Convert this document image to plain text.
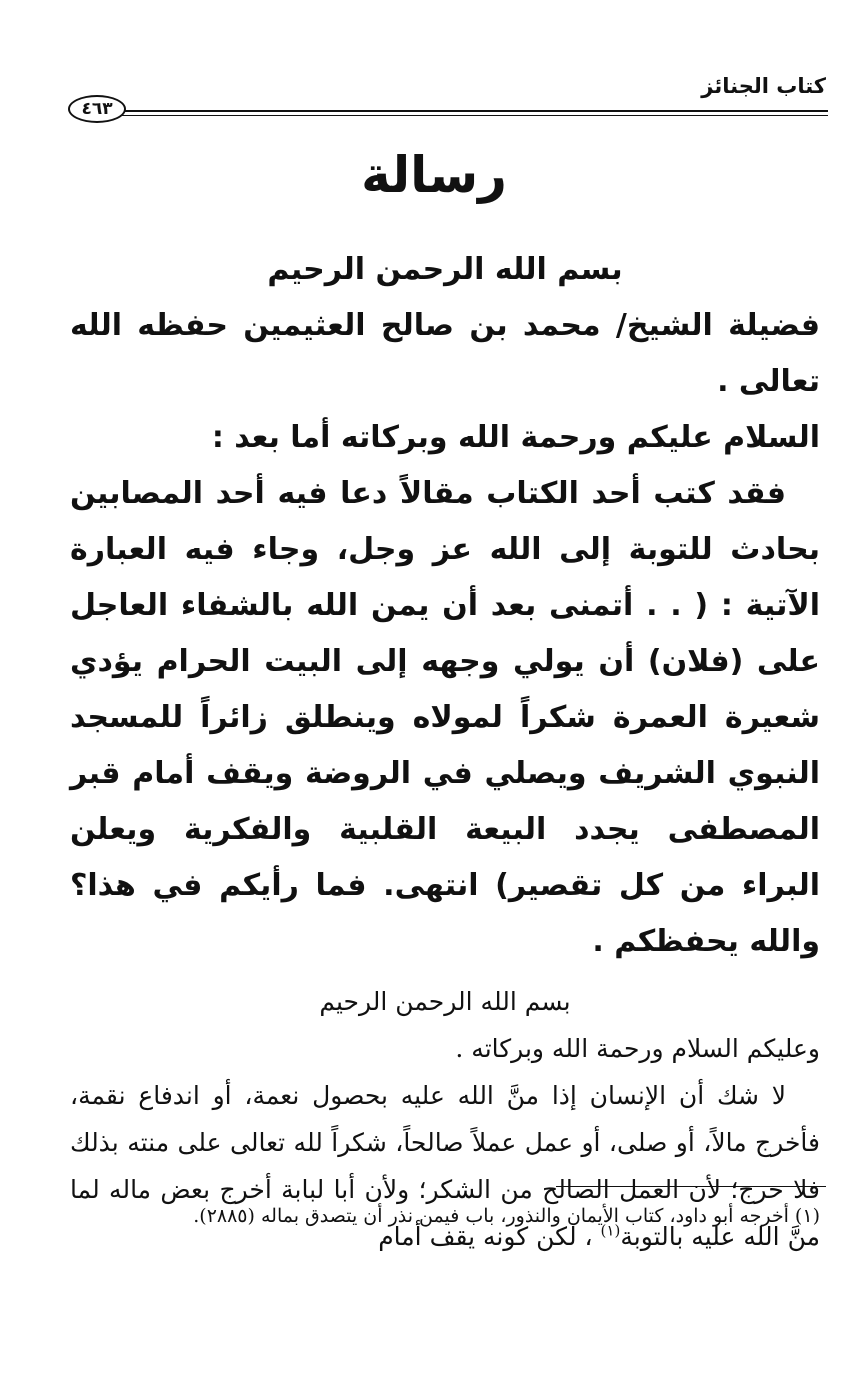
كتاب الجنائز
٤٦٣
رسالة

بسم الله الرحمن الرحيم

فضيلة الشيخ/ محمد بن صالح العثيمين حفظه الله تعالى .

السلام عليكم ورحمة الله وبركاته أما بعد :

فقد كتب أحد الكتاب مقالاً دعا فيه أحد المصابين بحادث للتوبة إلى الله عز وجل، وجاء فيه العبارة الآتية : ( . . أتمنى بعد أن يمن الله بالشفاء العاجل على (فلان) أن يولي وجهه إلى البيت الحرام يؤدي شعيرة العمرة شكراً لمولاه وينطلق زائراً للمسجد النبوي الشريف ويصلي في الروضة ويقف أمام قبر المصطفى يجدد البيعة القلبية والفكرية ويعلن البراء من كل تقصير) انتهى. فما رأيكم في هذا؟ والله يحفظكم .

بسم الله الرحمن الرحيم

وعليكم السلام ورحمة الله وبركاته .

لا شك أن الإنسان إذا منَّ الله عليه بحصول نعمة، أو اندفاع نقمة، فأخرج مالاً، أو صلى، أو عمل عملاً صالحاً، شكراً لله تعالى على منته بذلك فلا حرج؛ لأن العمل الصالح من الشكر؛ ولأن أبا لبابة أخرج بعض ماله لما منَّ الله عليه بالتوبة$^{(١)}$ ، لكن كونه يقف أمام

(١) أخرجه أبو داود، كتاب الأيمان والنذور، باب فيمن نذر أن يتصدق بماله (٢٨٨٥).
